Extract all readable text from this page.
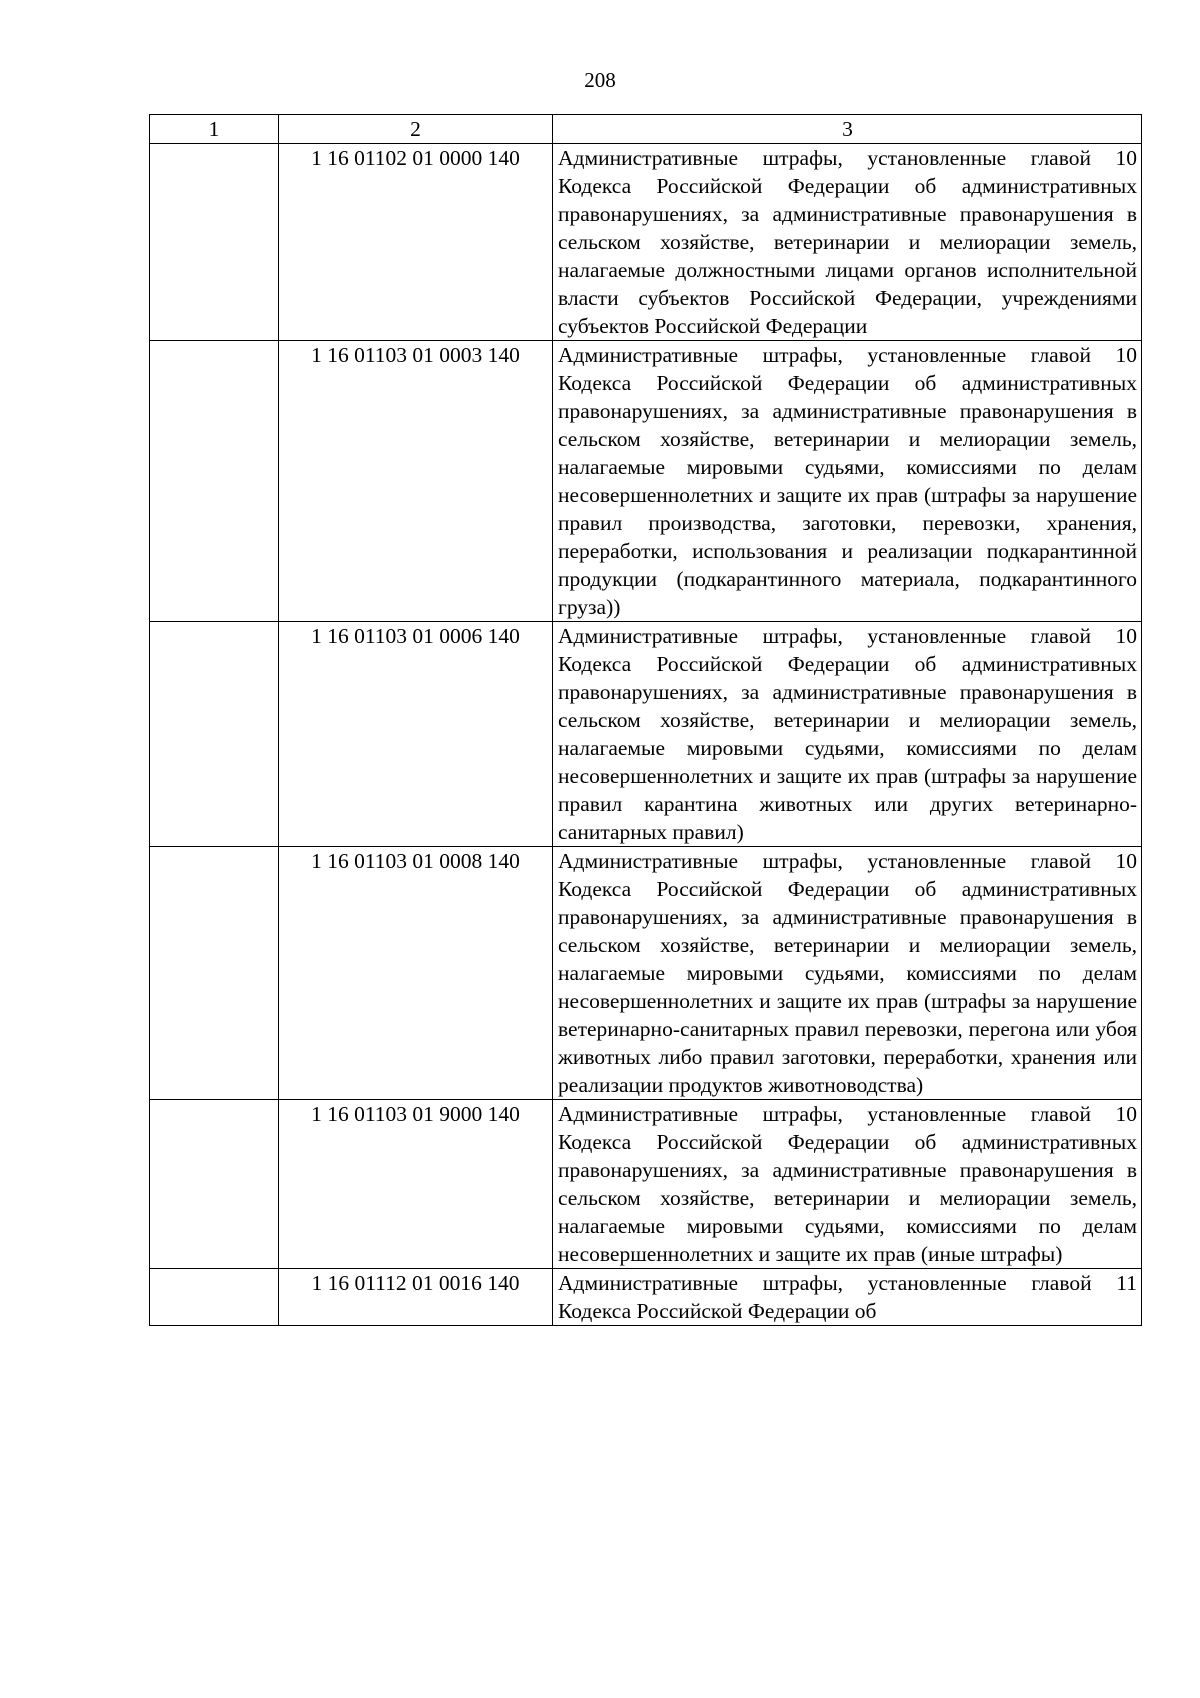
208
1	2	3
	1 16 01102 01 0000 140	Административные штрафы, установленные главой 10 Кодекса Российской Федерации об административных правонарушениях, за административные правонарушения в сельском хозяйстве, ветеринарии и мелиорации земель, налагаемые должностными лицами органов исполнительной власти субъектов Российской Федерации, учреждениями субъектов Российской Федерации
	1 16 01103 01 0003 140	Административные штрафы, установленные главой 10 Кодекса Российской Федерации об административных правонарушениях, за административные правонарушения в сельском хозяйстве, ветеринарии и мелиорации земель, налагаемые мировыми судьями, комиссиями по делам несовершеннолетних и защите их прав (штрафы за нарушение правил производства, заготовки, перевозки, хранения, переработки, использования и реализации подкарантинной продукции (подкарантинного материала, подкарантинного груза))
	1 16 01103 01 0006 140	Административные штрафы, установленные главой 10 Кодекса Российской Федерации об административных правонарушениях, за административные правонарушения в сельском хозяйстве, ветеринарии и мелиорации земель, налагаемые мировыми судьями, комиссиями по делам несовершеннолетних и защите их прав (штрафы за нарушение правил карантина животных или других ветеринарно-санитарных правил)
	1 16 01103 01 0008 140	Административные штрафы, установленные главой 10 Кодекса Российской Федерации об административных правонарушениях, за административные правонарушения в сельском хозяйстве, ветеринарии и мелиорации земель, налагаемые мировыми судьями, комиссиями по делам несовершеннолетних и защите их прав (штрафы за нарушение ветеринарно-санитарных правил перевозки, перегона или убоя животных либо правил заготовки, переработки, хранения или реализации продуктов животноводства)
	1 16 01103 01 9000 140	Административные штрафы, установленные главой 10 Кодекса Российской Федерации об административных правонарушениях, за административные правонарушения в сельском хозяйстве, ветеринарии и мелиорации земель, налагаемые мировыми судьями, комиссиями по делам несовершеннолетних и защите их прав (иные штрафы)
	1 16 01112 01 0016 140	Административные штрафы, установленные главой 11 Кодекса Российской Федерации об
